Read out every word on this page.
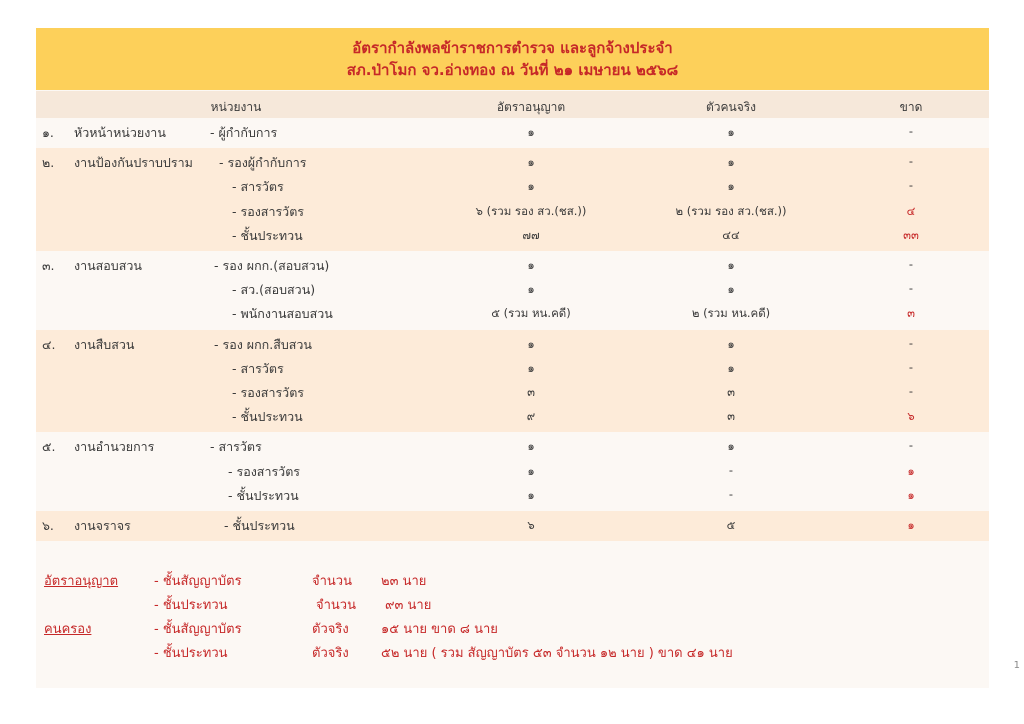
อัตรากำลังพลข้าราชการตำรวจ และลูกจ้างประจำ
สภ.ป่าโมก จว.อ่างทอง ณ วันที่ ๒๑ เมษายน ๒๕๖๘
หน่วยงาน	อัตราอนุญาต	ตัวคนจริง	ขาด
๑. หัวหน้าหน่วยงาน	- ผู้กำกับการ	๑	๑	-
๒. งานป้องกันปราบปราม - รองผู้กำกับการ	๑	๑	-
- สารวัตร	๑	๑	-
- รองสารวัตร	๖ (รวม รอง สว.(ชส.))	๒ (รวม รอง สว.(ชส.))	๔
- ชั้นประทวน	๗๗	๔๔	๓๓
๓. งานสอบสวน	- รอง ผกก.(สอบสวน)	๑	๑	-
- สว.(สอบสวน)	๑	๑	-
- พนักงานสอบสวน	๕ (รวม หน.คดี)	๒ (รวม หน.คดี)	๓
๔. งานสืบสวน	- รอง ผกก.สืบสวน	๑	๑	-
- สารวัตร	๑	๑	-
- รองสารวัตร	๓	๓	-
- ชั้นประทวน	๙	๓	๖
๕. งานอำนวยการ	- สารวัตร	๑	๑	-
- รองสารวัตร	๑	-	๑
- ชั้นประทวน	๑	-	๑
๖. งานจราจร	- ชั้นประทวน	๖	๕	๑
อัตราอนุญาต	- ชั้นสัญญาบัตร	จำนวน ๒๓ นาย
- ชั้นประทวน	จำนวน ๙๓ นาย
คนครอง	- ชั้นสัญญาบัตร	ตัวจริง ๑๕ นาย ขาด ๘ นาย
- ชั้นประทวน	ตัวจริง ๕๒ นาย ( รวม สัญญาบัตร ๕๓ จำนวน ๑๒ นาย ) ขาด ๔๑ นาย
1
